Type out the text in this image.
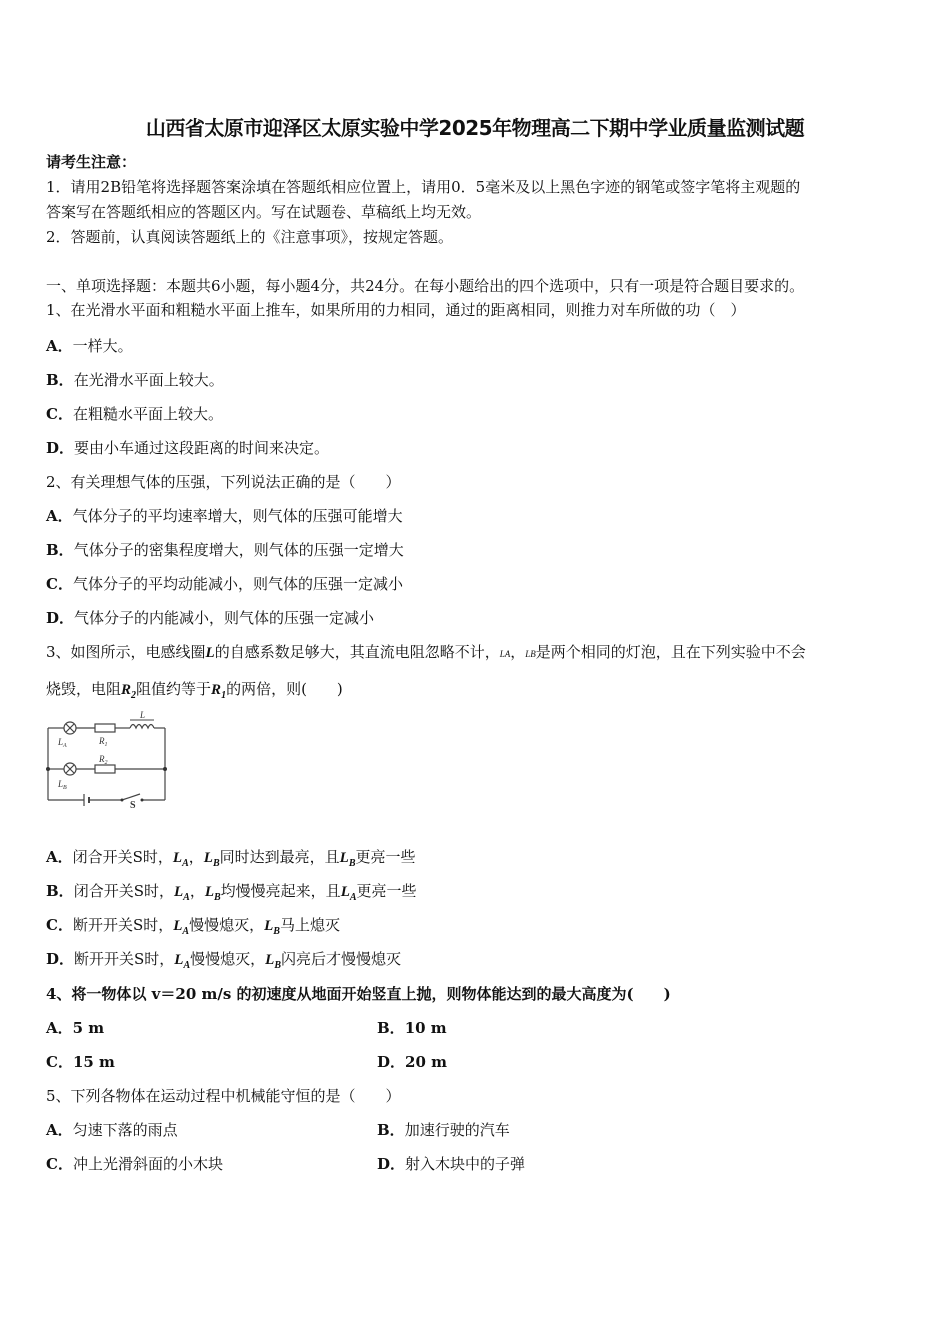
山西省太原市迎泽区太原实验中学2025年物理高二下期中学业质量监测试题
请考生注意：
1．请用2B铅笔将选择题答案涂填在答题纸相应位置上，请用0．5毫米及以上黑色字迹的钢笔或签字笔将主观题的
答案写在答题纸相应的答题区内。写在试题卷、草稿纸上均无效。
2．答题前，认真阅读答题纸上的《注意事项》，按规定答题。
一、单项选择题：本题共6小题，每小题4分，共24分。在每小题给出的四个选项中，只有一项是符合题目要求的。
1、在光滑水平面和粗糙水平面上推车，如果所用的力相同，通过的距离相同，则推力对车所做的功（　）
A．一样大。
B．在光滑水平面上较大。
C．在粗糙水平面上较大。
D．要由小车通过这段距离的时间来决定。
2、有关理想气体的压强，下列说法正确的是（　　）
A．气体分子的平均速率增大，则气体的压强可能增大
B．气体分子的密集程度增大，则气体的压强一定增大
C．气体分子的平均动能减小，则气体的压强一定减小
D．气体分子的内能减小，则气体的压强一定减小
3、如图所示，电感线圈L的自感系数足够大，其直流电阻忽略不计，LA，LB是两个相同的灯泡，且在下列实验中不会
烧毁，电阻$R_2$阻值约等于$R_1$的两倍，则(　　)
L
$L_A$	$R_1$
$R_2$
$L_B$
S
A．闭合开关S时，$L_A$，$L_B$同时达到最亮，且$L_B$更亮一些
B．闭合开关S时，$L_A$，$L_B$均慢慢亮起来，且$L_A$更亮一些
C．断开开关S时，$L_A$慢慢熄灭，$L_B$马上熄灭
D．断开开关S时，$L_A$慢慢熄灭，$L_B$闪亮后才慢慢熄灭
4、将一物体以 v＝20 m/s 的初速度从地面开始竖直上抛，则物体能达到的最大高度为(　　)
A．5 m	B．10 m
C．15 m	D．20 m
5、下列各物体在运动过程中机械能守恒的是（　　）
A．匀速下落的雨点	B．加速行驶的汽车
C．冲上光滑斜面的小木块	D．射入木块中的子弹
